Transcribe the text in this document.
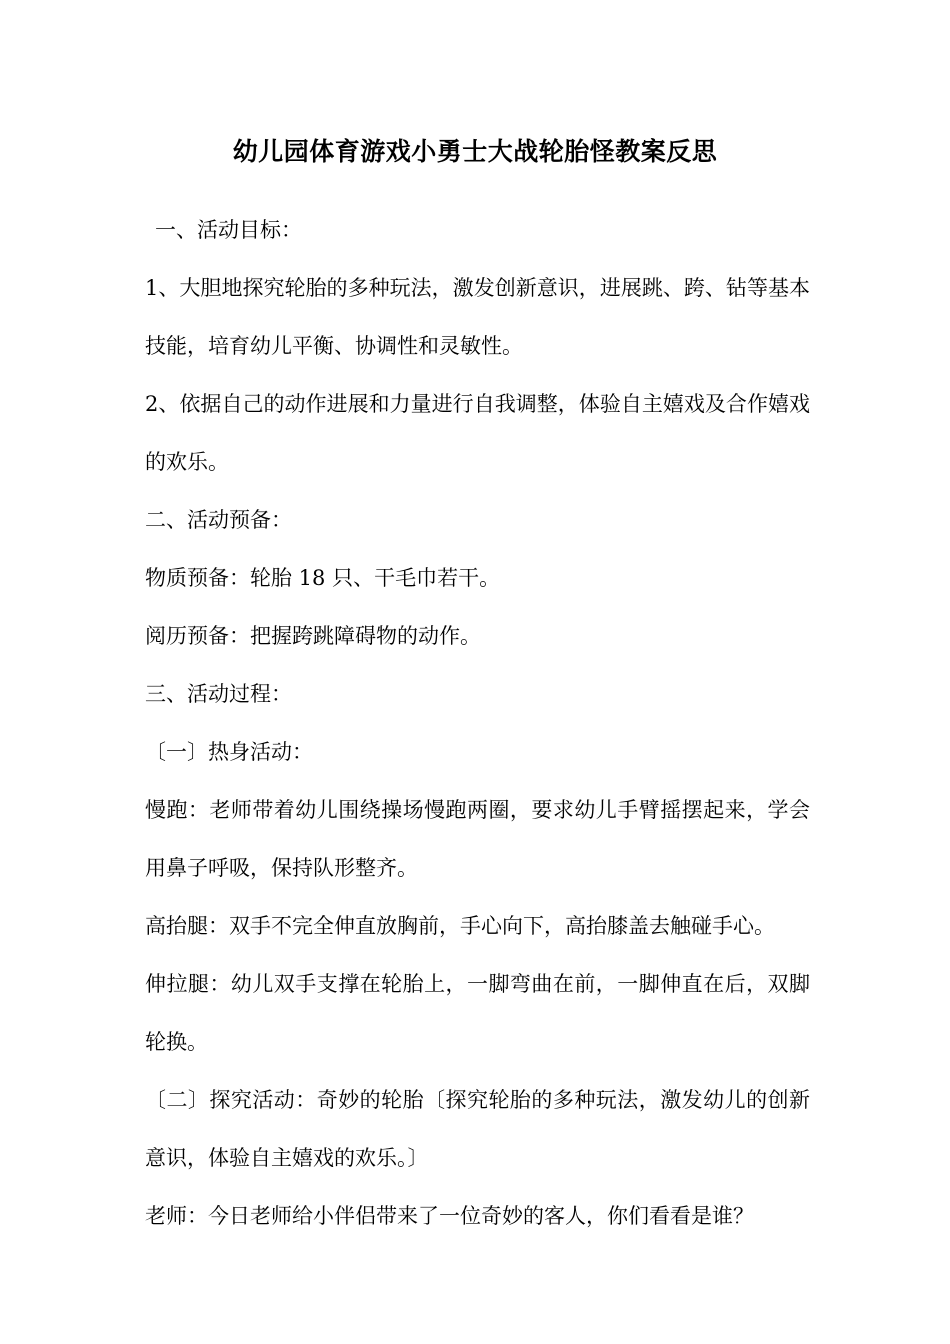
幼儿园体育游戏小勇士大战轮胎怪教案反思

一、活动目标：

1、大胆地探究轮胎的多种玩法，激发创新意识，进展跳、跨、钻等基本技能，培育幼儿平衡、协调性和灵敏性。

2、依据自己的动作进展和力量进行自我调整，体验自主嬉戏及合作嬉戏的欢乐。

二、活动预备：

物质预备：轮胎 18 只、干毛巾若干。

阅历预备：把握跨跳障碍物的动作。

三、活动过程：

〔一〕热身活动：

慢跑：老师带着幼儿围绕操场慢跑两圈，要求幼儿手臂摇摆起来，学会用鼻子呼吸，保持队形整齐。

高抬腿：双手不完全伸直放胸前，手心向下，高抬膝盖去触碰手心。

伸拉腿：幼儿双手支撑在轮胎上，一脚弯曲在前，一脚伸直在后，双脚轮换。

〔二〕探究活动：奇妙的轮胎〔探究轮胎的多种玩法，激发幼儿的创新意识，体验自主嬉戏的欢乐。〕

老师：今日老师给小伴侣带来了一位奇妙的客人，你们看看是谁？
